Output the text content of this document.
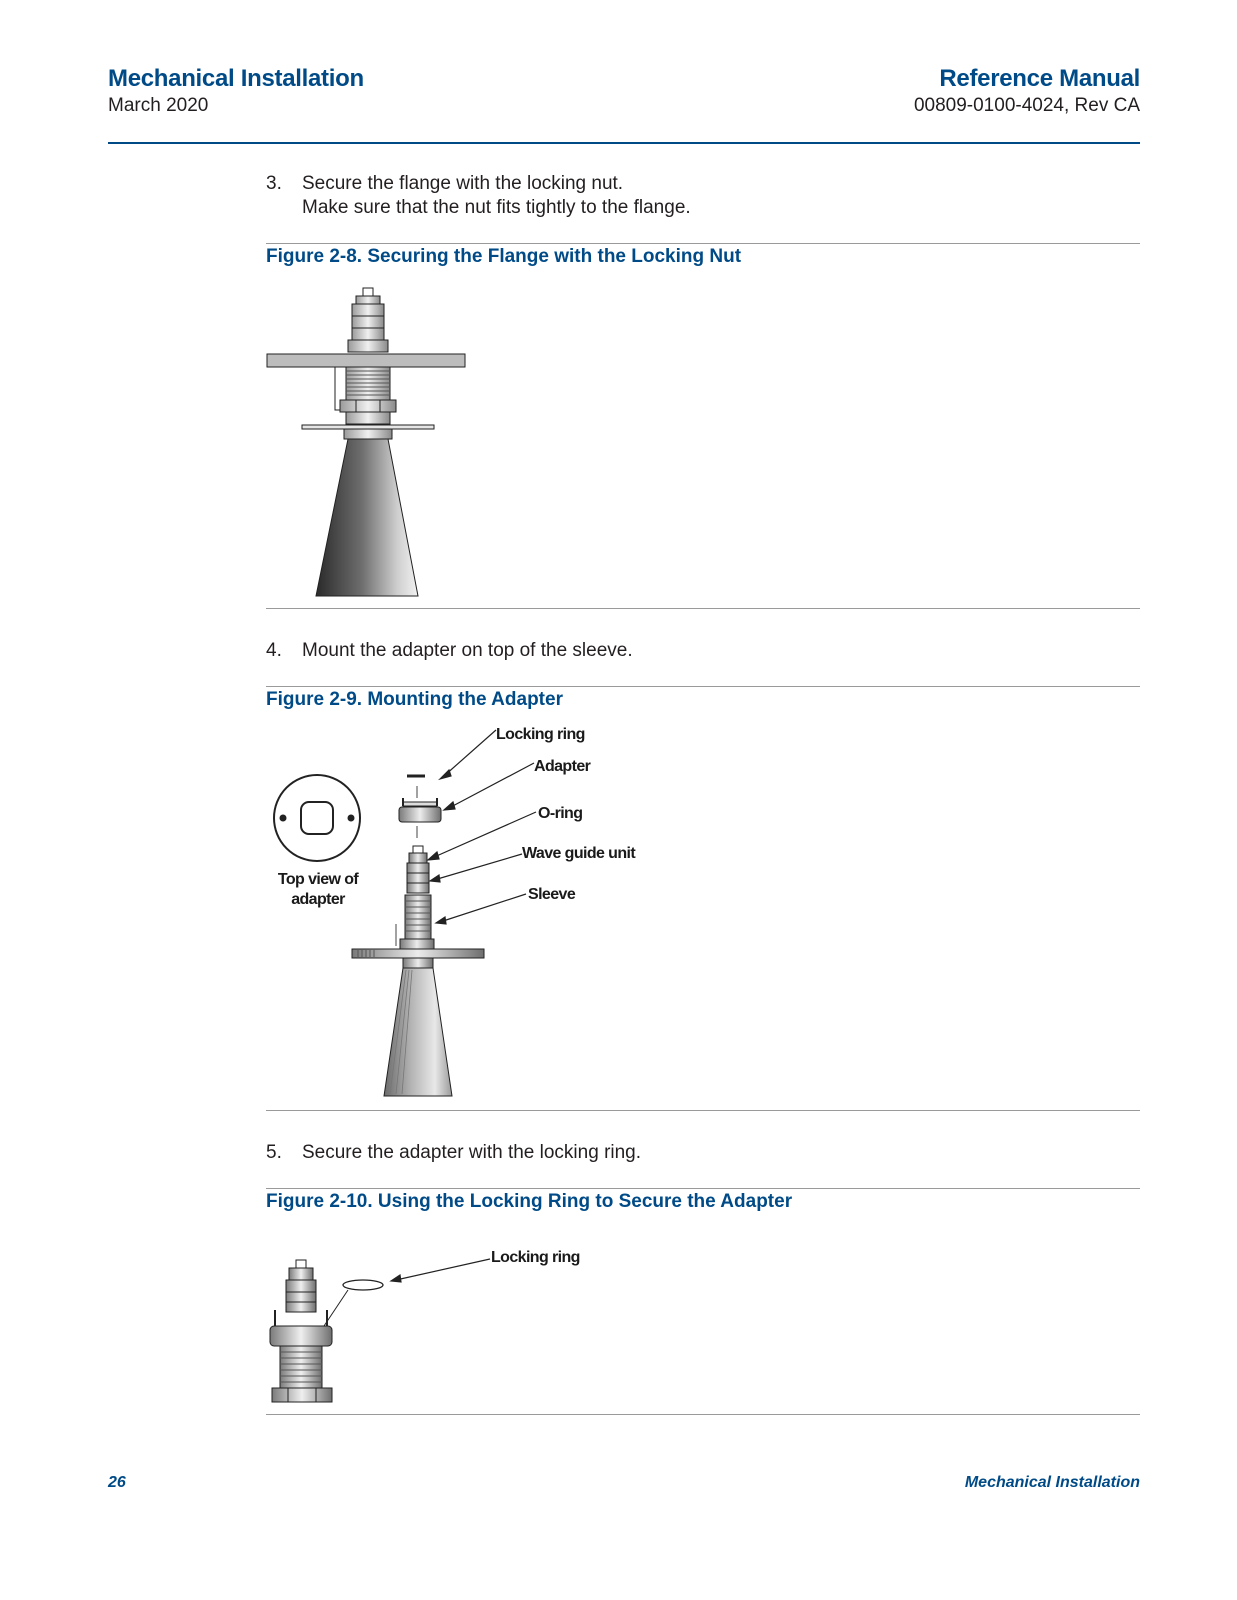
Mechanical Installation
March 2020
Reference Manual
00809-0100-4024, Rev CA
3. Secure the flange with the locking nut.
Make sure that the nut fits tightly to the flange.
Figure 2-8. Securing the Flange with the Locking Nut
4. Mount the adapter on top of the sleeve.
Figure 2-9. Mounting the Adapter
Top view of
adapter
Locking ring
Adapter
O-ring
Wave guide unit
Sleeve
5. Secure the adapter with the locking ring.
Figure 2-10. Using the Locking Ring to Secure the Adapter
Locking ring
26	Mechanical Installation
